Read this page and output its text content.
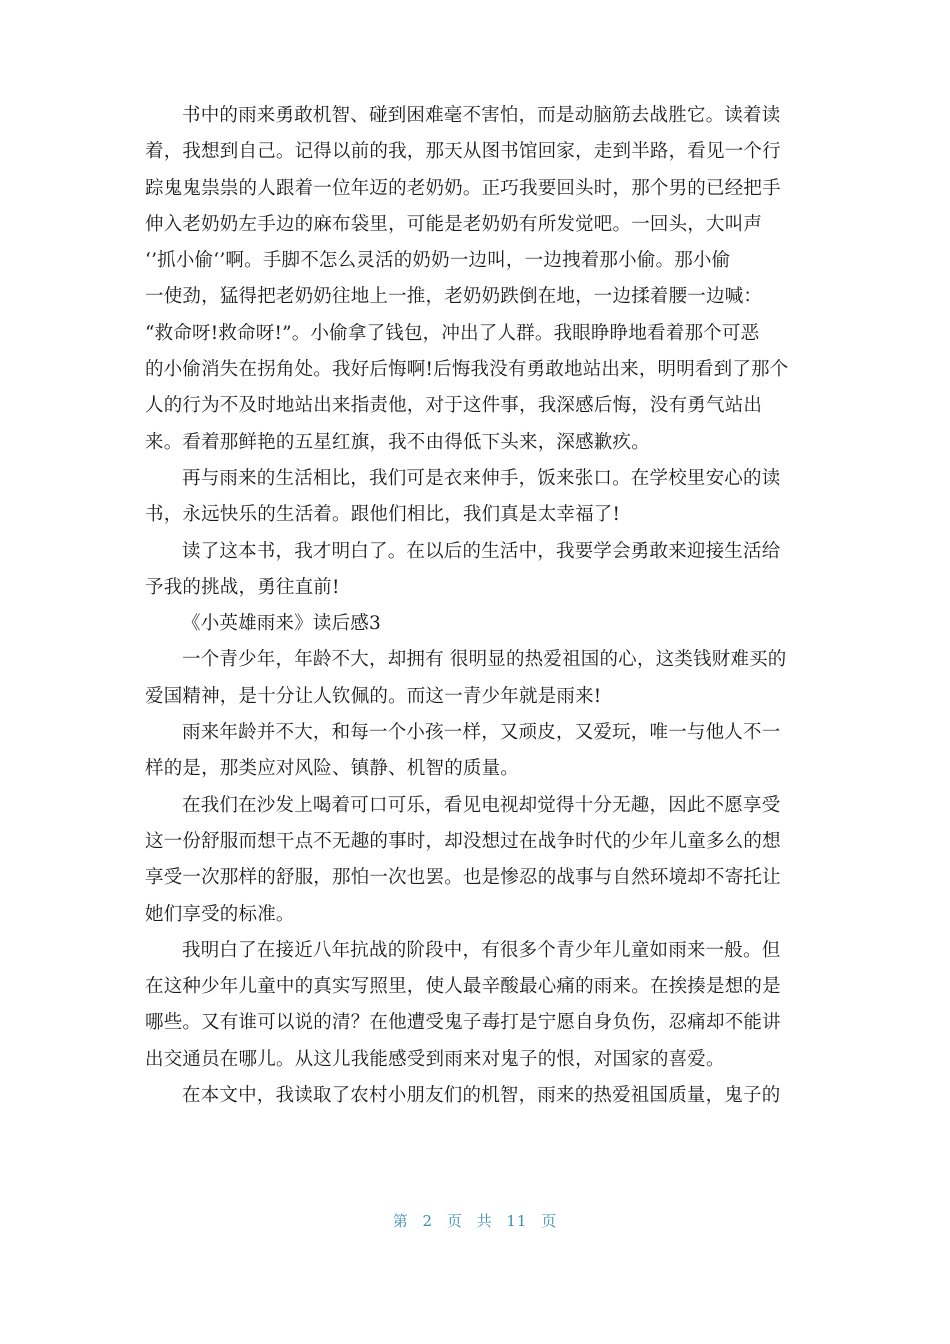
书中的雨来勇敢机智、碰到困难毫不害怕，而是动脑筋去战胜它。读着读
着，我想到自己。记得以前的我，那天从图书馆回家，走到半路，看见一个行
踪鬼鬼祟祟的人跟着一位年迈的老奶奶。正巧我要回头时，那个男的已经把手
伸入老奶奶左手边的麻布袋里，可能是老奶奶有所发觉吧。一回头，大叫声
‘’抓小偷‘’啊。手脚不怎么灵活的奶奶一边叫，一边拽着那小偷。那小偷
一使劲，猛得把老奶奶往地上一推，老奶奶跌倒在地，一边揉着腰一边喊：
“救命呀!救命呀!”。小偷拿了钱包，冲出了人群。我眼睁睁地看着那个可恶
的小偷消失在拐角处。我好后悔啊!后悔我没有勇敢地站出来，明明看到了那个
人的行为不及时地站出来指责他，对于这件事，我深感后悔，没有勇气站出
来。看着那鲜艳的五星红旗，我不由得低下头来，深感歉疚。
再与雨来的生活相比，我们可是衣来伸手，饭来张口。在学校里安心的读
书，永远快乐的生活着。跟他们相比，我们真是太幸福了!
读了这本书，我才明白了。在以后的生活中，我要学会勇敢来迎接生活给
予我的挑战，勇往直前!
《小英雄雨来》读后感3
一个青少年，年龄不大，却拥有 很明显的热爱祖国的心，这类钱财难买的
爱国精神，是十分让人钦佩的。而这一青少年就是雨来!
雨来年龄并不大，和每一个小孩一样，又顽皮，又爱玩，唯一与他人不一
样的是，那类应对风险、镇静、机智的质量。
在我们在沙发上喝着可口可乐，看见电视却觉得十分无趣，因此不愿享受
这一份舒服而想干点不无趣的事时，却没想过在战争时代的少年儿童多么的想
享受一次那样的舒服，那怕一次也罢。也是惨忍的战事与自然环境却不寄托让
她们享受的标准。
我明白了在接近八年抗战的阶段中，有很多个青少年儿童如雨来一般。但
在这种少年儿童中的真实写照里，使人最辛酸最心痛的雨来。在挨揍是想的是
哪些。又有谁可以说的清？在他遭受鬼子毒打是宁愿自身负伤，忍痛却不能讲
出交通员在哪儿。从这儿我能感受到雨来对鬼子的恨，对国家的喜爱。
在本文中，我读取了农村小朋友们的机智，雨来的热爱祖国质量，鬼子的
第 2 页 共 11 页
